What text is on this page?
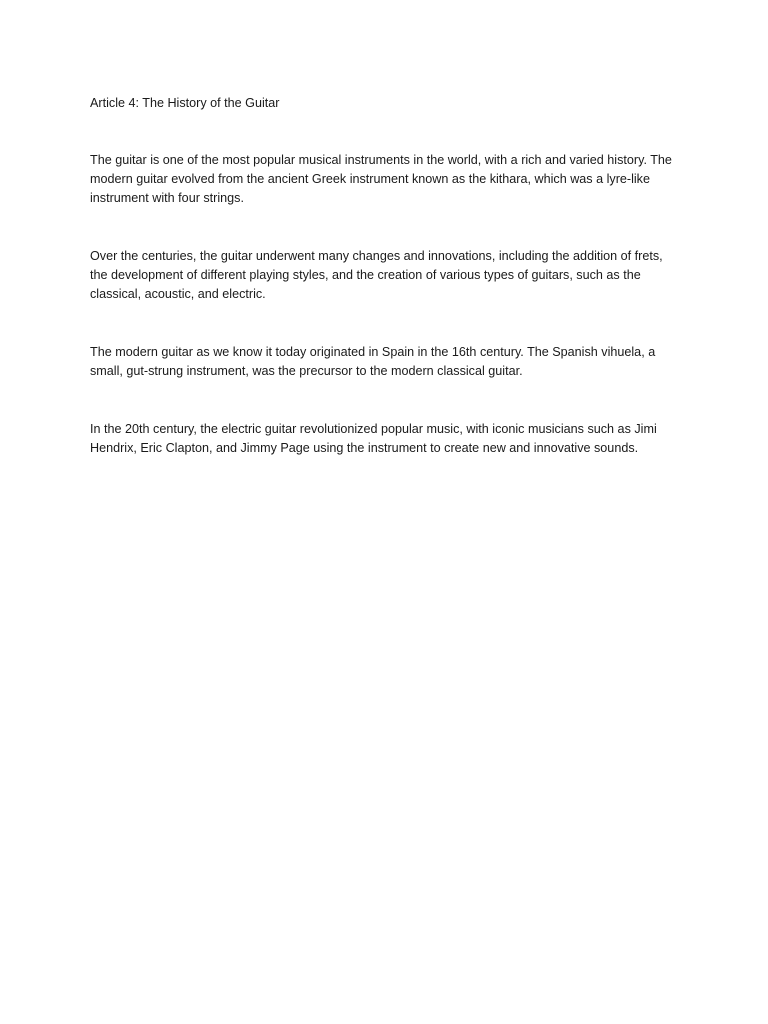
Article 4: The History of the Guitar

The guitar is one of the most popular musical instruments in the world, with a rich and varied history. The modern guitar evolved from the ancient Greek instrument known as the kithara, which was a lyre-like instrument with four strings.

Over the centuries, the guitar underwent many changes and innovations, including the addition of frets, the development of different playing styles, and the creation of various types of guitars, such as the classical, acoustic, and electric.

The modern guitar as we know it today originated in Spain in the 16th century. The Spanish vihuela, a small, gut-strung instrument, was the precursor to the modern classical guitar.

In the 20th century, the electric guitar revolutionized popular music, with iconic musicians such as Jimi Hendrix, Eric Clapton, and Jimmy Page using the instrument to create new and innovative sounds.
